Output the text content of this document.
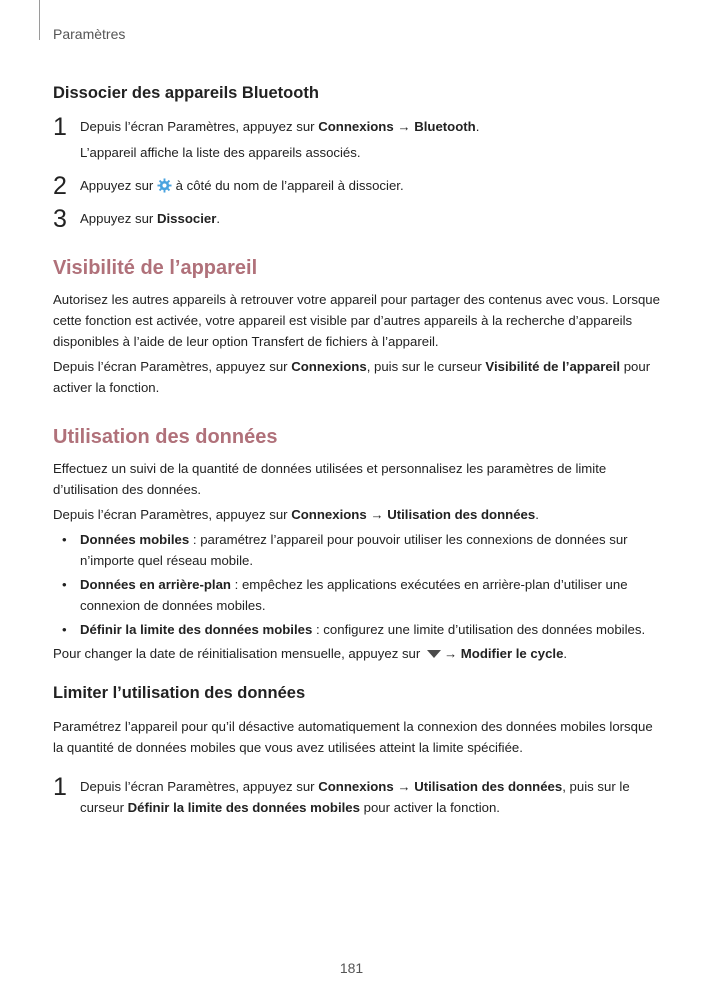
Paramètres
Dissocier des appareils Bluetooth
1 Depuis l’écran Paramètres, appuyez sur Connexions → Bluetooth.

L’appareil affiche la liste des appareils associés.

2 Appuyez sur  à côté du nom de l’appareil à dissocier.

3 Appuyez sur Dissocier.

Visibilité de l’appareil

Autorisez les autres appareils à retrouver votre appareil pour partager des contenus avec vous. Lorsque cette fonction est activée, votre appareil est visible par d’autres appareils à la recherche d’appareils disponibles à l’aide de leur option Transfert de fichiers à l’appareil.

Depuis l’écran Paramètres, appuyez sur Connexions, puis sur le curseur Visibilité de l’appareil pour activer la fonction.

Utilisation des données

Effectuez un suivi de la quantité de données utilisées et personnalisez les paramètres de limite d’utilisation des données.

Depuis l’écran Paramètres, appuyez sur Connexions → Utilisation des données.

• Données mobiles : paramétrez l’appareil pour pouvoir utiliser les connexions de données sur n’importe quel réseau mobile.
• Données en arrière-plan : empêchez les applications exécutées en arrière-plan d’utiliser une connexion de données mobiles.
• Définir la limite des données mobiles : configurez une limite d’utilisation des données mobiles.

Pour changer la date de réinitialisation mensuelle, appuyez sur → Modifier le cycle.

Limiter l’utilisation des données

Paramétrez l’appareil pour qu’il désactive automatiquement la connexion des données mobiles lorsque la quantité de données mobiles que vous avez utilisées atteint la limite spécifiée.

1 Depuis l’écran Paramètres, appuyez sur Connexions → Utilisation des données, puis sur le curseur Définir la limite des données mobiles pour activer la fonction.

181
